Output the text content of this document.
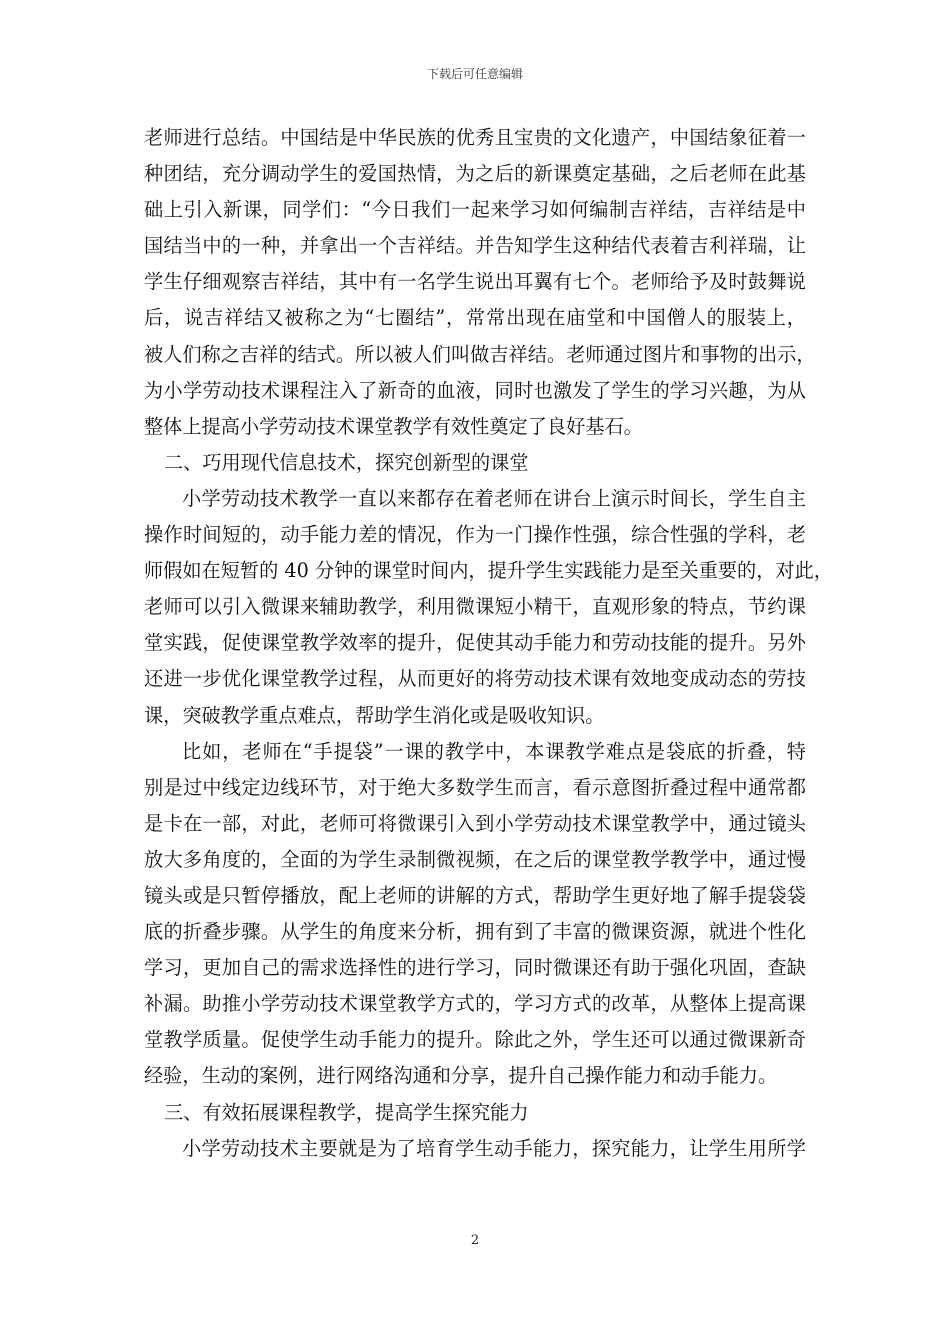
下载后可任意编辑
老师进行总结。中国结是中华民族的优秀且宝贵的文化遗产，中国结象征着一
种团结，充分调动学生的爱国热情，为之后的新课奠定基础，之后老师在此基
础上引入新课，同学们：“今日我们一起来学习如何编制吉祥结，吉祥结是中
国结当中的一种，并拿出一个吉祥结。并告知学生这种结代表着吉利祥瑞，让
学生仔细观察吉祥结，其中有一名学生说出耳翼有七个。老师给予及时鼓舞说
后，说吉祥结又被称之为“七圈结”，常常出现在庙堂和中国僧人的服装上，
被人们称之吉祥的结式。所以被人们叫做吉祥结。老师通过图片和事物的出示，
为小学劳动技术课程注入了新奇的血液，同时也激发了学生的学习兴趣，为从
整体上提高小学劳动技术课堂教学有效性奠定了良好基石。
二、巧用现代信息技术，探究创新型的课堂
小学劳动技术教学一直以来都存在着老师在讲台上演示时间长，学生自主
操作时间短的，动手能力差的情况，作为一门操作性强，综合性强的学科，老
师假如在短暂的 40 分钟的课堂时间内，提升学生实践能力是至关重要的，对此，
老师可以引入微课来辅助教学，利用微课短小精干，直观形象的特点，节约课
堂实践，促使课堂教学效率的提升，促使其动手能力和劳动技能的提升。另外
还进一步优化课堂教学过程，从而更好的将劳动技术课有效地变成动态的劳技
课，突破教学重点难点，帮助学生消化或是吸收知识。
比如，老师在“手提袋”一课的教学中，本课教学难点是袋底的折叠，特
别是过中线定边线环节，对于绝大多数学生而言，看示意图折叠过程中通常都
是卡在一部，对此，老师可将微课引入到小学劳动技术课堂教学中，通过镜头
放大多角度的，全面的为学生录制微视频，在之后的课堂教学教学中，通过慢
镜头或是只暂停播放，配上老师的讲解的方式，帮助学生更好地了解手提袋袋
底的折叠步骤。从学生的角度来分析，拥有到了丰富的微课资源，就进个性化
学习，更加自己的需求选择性的进行学习，同时微课还有助于强化巩固，查缺
补漏。助推小学劳动技术课堂教学方式的，学习方式的改革，从整体上提高课
堂教学质量。促使学生动手能力的提升。除此之外，学生还可以通过微课新奇
经验，生动的案例，进行网络沟通和分享，提升自己操作能力和动手能力。
三、有效拓展课程教学，提高学生探究能力
小学劳动技术主要就是为了培育学生动手能力，探究能力，让学生用所学
2
